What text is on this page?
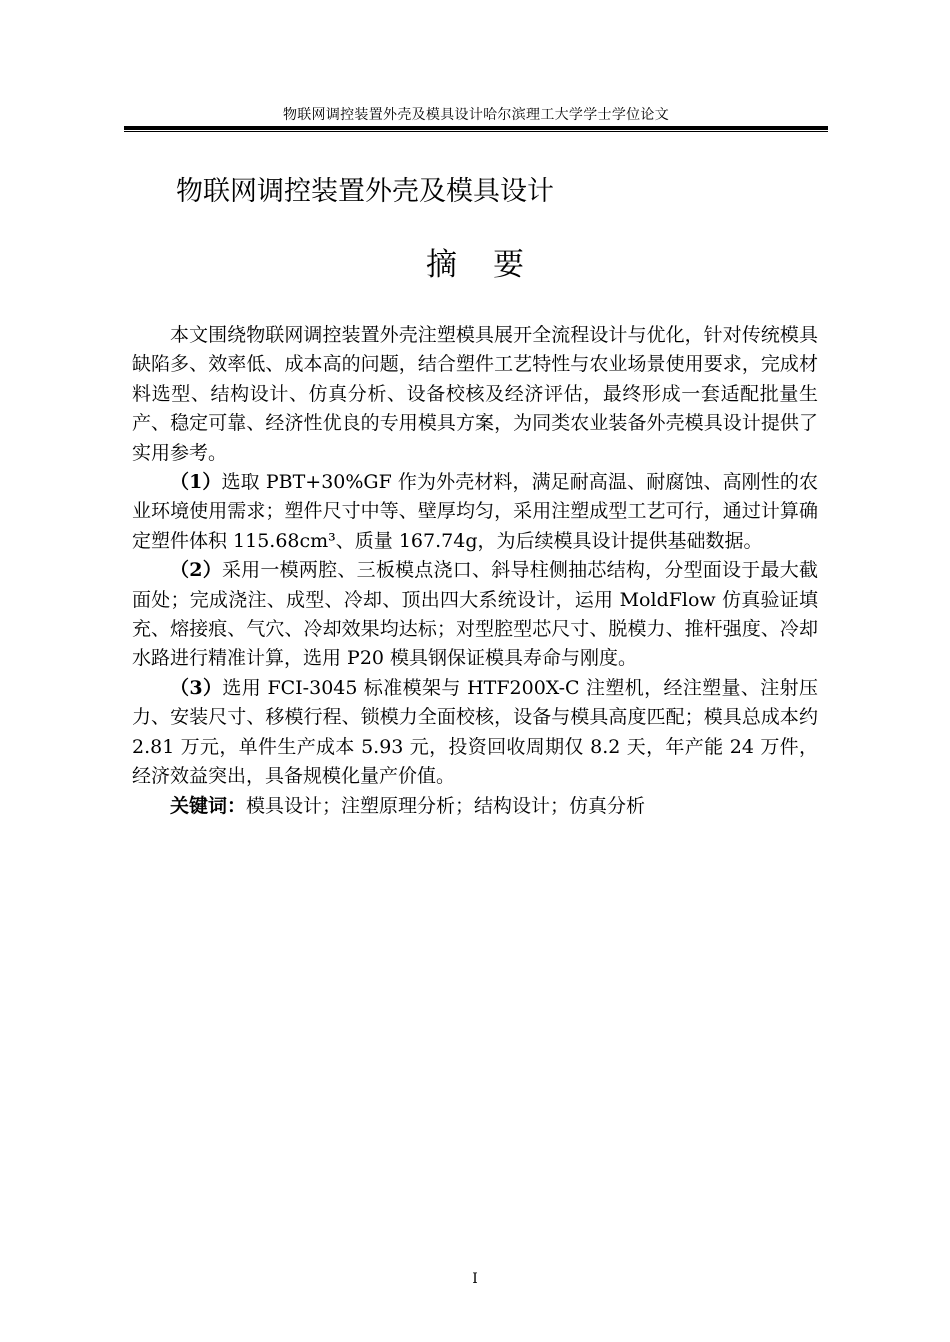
物联网调控装置外壳及模具设计哈尔滨理工大学学士学位论文
物联网调控装置外壳及模具设计
摘 要

本文围绕物联网调控装置外壳注塑模具展开全流程设计与优化，针对传统模具缺陷多、效率低、成本高的问题，结合塑件工艺特性与农业场景使用要求，完成材料选型、结构设计、仿真分析、设备校核及经济评估，最终形成一套适配批量生产、稳定可靠、经济性优良的专用模具方案，为同类农业装备外壳模具设计提供了实用参考。

（1）选取 PBT+30%GF 作为外壳材料，满足耐高温、耐腐蚀、高刚性的农业环境使用需求；塑件尺寸中等、壁厚均匀，采用注塑成型工艺可行，通过计算确定塑件体积 115.68cm³、质量 167.74g，为后续模具设计提供基础数据。

（2）采用一模两腔、三板模点浇口、斜导柱侧抽芯结构，分型面设于最大截面处；完成浇注、成型、冷却、顶出四大系统设计，运用 MoldFlow 仿真验证填充、熔接痕、气穴、冷却效果均达标；对型腔型芯尺寸、脱模力、推杆强度、冷却水路进行精准计算，选用 P20 模具钢保证模具寿命与刚度。

（3）选用 FCI-3045 标准模架与 HTF200X-C 注塑机，经注塑量、注射压力、安装尺寸、移模行程、锁模力全面校核，设备与模具高度匹配；模具总成本约 2.81 万元，单件生产成本 5.93 元，投资回收周期仅 8.2 天，年产能 24 万件，经济效益突出，具备规模化量产价值。

关键词：模具设计；注塑原理分析；结构设计；仿真分析

I
